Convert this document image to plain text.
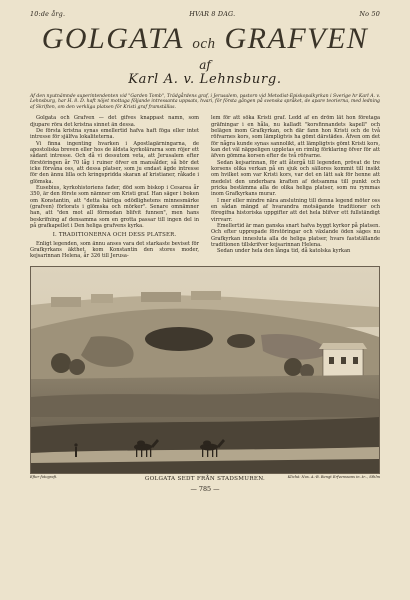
10:de årg.	HVAR 8 DAG.	No 50
GOLGATA och GRAFVEN
af
Karl A. v. Lehnsburg.
Af den nyutnämnde superintendenten vid "Garden Tomb", Trädgårdens graf, i Jerusalem, pastorn vid Metodist-Episkopalkyrkan i Sverige hr Karl A. v. Lehnsburg, har H. 8. D. haft nöjet mottaga följande intressanta uppsats, hvari, för första gången på svenska språket, de apare teorierna, med ledning af Skriften, om den verkliga platsen för Kristi graf framställas.

Golgata och Grafven — det gifves knappast namn, som djupare röra det kristna sinnet än dessa.

De första kristna synas emellertid hafva haft föga eller intet intresse för själfva lokaliteterna.

Vi finna ingenting hvarken i Apostlagärningarna, de apostoliska breven eller hos de äldsta kyrkolärarna som röjer ett sådant intresse. Och då vi dessutom veta, att Jerusalem efter förstöringen år 70 låg i ruiner öfver en mansålder, så bör det icke förvåna oss, att dessa platser, som ju endast ägde intresse för den ännu lilla och kringspridda skaran af kristianer, råkade i glömska.

Eusebius, kyrkohistoriens fader, död som biskop i Cesarea år 350, är den förste som nämner om Kristi graf. Han säger i boken om Konstantin, att "detta härliga odödlighetens minnesmärke (grafven) förlorats i glömska och mörker". Senare omnämner han, att "den mot all förmodan blifvit funnen", men hans beskrifning af densamma som en grotta passar till ingen del in på grafkapellet i Den heliga grafvens kyrka.

I. TRADITIONERNA OCH DESS PLATSER.

Enligt legenden, som ännu anses vara det starkaste beviset för Grafkyrkans äkthet, kom Konstantin den stores moder, kejsarinnan Helena, år 326 till Jerusa-

lem för att söka Kristi graf. Ledd af en dröm lät hon företaga gräfningar i en håla, nu kalladt "korsfinnandets kapell" och belägen inom Grafkyrkan, och där fann hon Kristi och de två röfvarnes kors, som lämpligtvis ha gömt därstädes. Äfven om det för några kunde synas sannolikt, att lämpligtvis gömt Kristi kors, kan det väl näppeligen uppletas en rimlig förklaring öfver för att äfven gömma korsen efter de två röfvarne.

Sedan kejsarinnan, för att återgå till legenden, prövat de tre korsens olika verkan på en sjuk och sällores kommit till insikt om hvilket som var Kristi kors, var det en lätt sak för henne att medelst den underbara kraften af detsamma till punkt och pricka bestämma alla de olika heliga platser, som nu rymmas inom Grafkyrkans murar.

I mer eller mindre nära anslutning till denna legend möter oss en sådan mängd af hvarandra motsägande traditioner och föregifna historiska uppgifter att det hela blifver ett fullständigt virrvarr.

Emellertid är man ganska snart hafva byggt kyrkor på platsen. Och efter upprepade förstöringar och växlande öden såges nu Grafkyrkan innesluta alla de heliga platser, hvars fastställande traditionen tillskrifver kejsarinnan Helena.

Sedan under hela den långa tid, då katolska kyrkan

Efter fotografi.	Klichá: Nos. A.-B. Bengt Erfvenssons in..tr.., Sthlm
GOLGATA SEDT FRÅN STADSMUREN.
— 785 —
